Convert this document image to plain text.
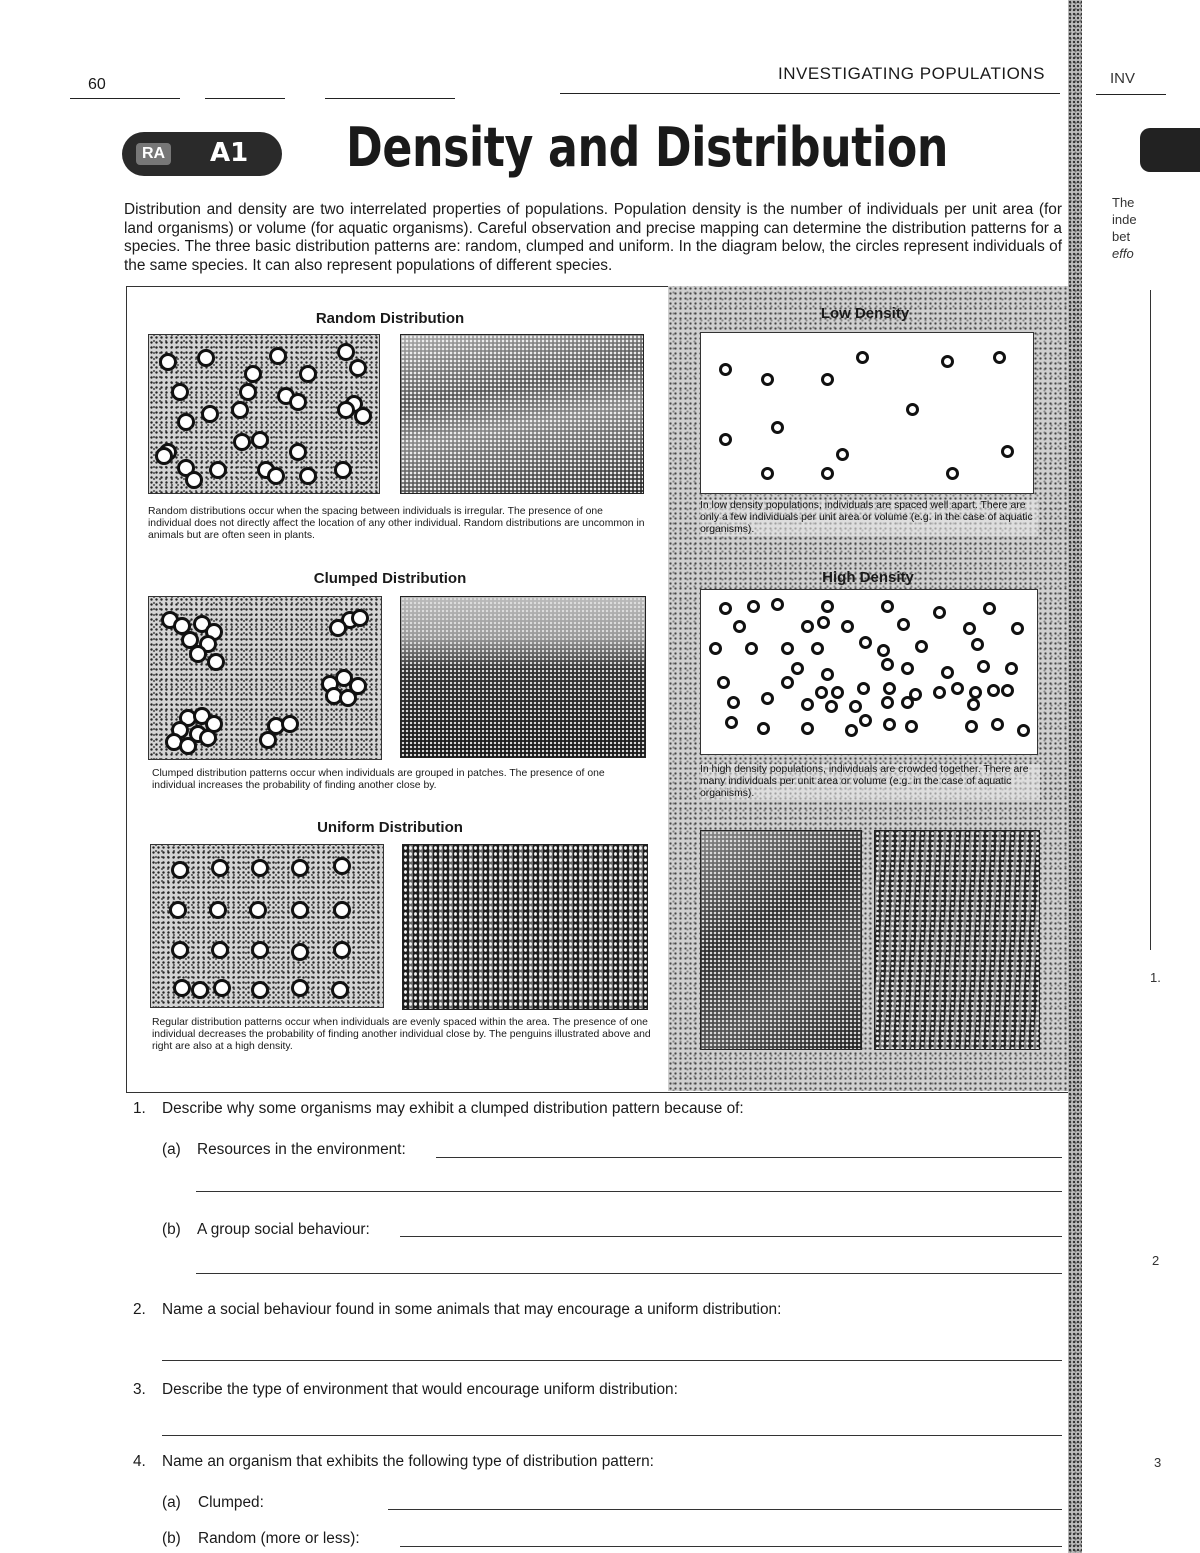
60
INVESTIGATING POPULATIONS
RA A1 Density and Distribution
Distribution and density are two interrelated properties of populations. Population density is the number of individuals per unit area (for land organisms) or volume (for aquatic organisms). Careful observation and precise mapping can determine the distribution patterns for a species. The three basic distribution patterns are: random, clumped and uniform. In the diagram below, the circles represent individuals of the same species. It can also represent populations of different species.
Random Distribution
Random distributions occur when the spacing between individuals is irregular. The presence of one individual does not directly affect the location of any other individual. Random distributions are uncommon in animals but are often seen in plants.
Clumped Distribution
Clumped distribution patterns occur when individuals are grouped in patches. The presence of one individual increases the probability of finding another close by.
Uniform Distribution
Regular distribution patterns occur when individuals are evenly spaced within the area. The presence of one individual decreases the probability of finding another individual close by. The penguins illustrated above and right are also at a high density.
Low Density
In low density populations, individuals are spaced well apart. There are only a few individuals per unit area or volume (e.g. in the case of aquatic organisms).
High Density
In high density populations, individuals are crowded together. There are many individuals per unit area or volume (e.g. in the case of aquatic organisms).
1. Describe why some organisms may exhibit a clumped distribution pattern because of:
(a) Resources in the environment:
(b) A group social behaviour:
2. Name a social behaviour found in some animals that may encourage a uniform distribution:
3. Describe the type of environment that would encourage uniform distribution:
4. Name an organism that exhibits the following type of distribution pattern:
(a) Clumped:
(b) Random (more or less):
INV
The
inde
bet
effo
1.
2
3
